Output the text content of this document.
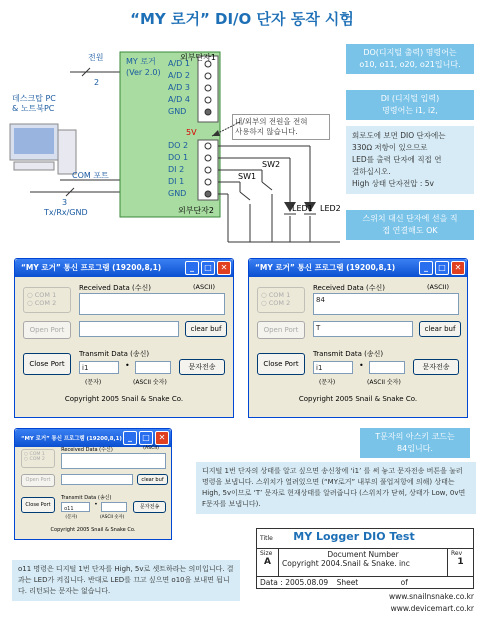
“MY 로거” DI/O 단자 동작 시험
전원
2
데스크탑 PC
& 노트북PC
COM 포트
3
Tx/Rx/GND
MY 로거
(Ver 2.0)
외부단자1
외부단자2
5V
A/D 1
A/D 2
A/D 3
A/D 4
GND
DO 2
DO 1
DI 2
DI 1
GND
SW1
SW2
LED1 LED2
내/외부의 전원을 전혀
사용하지 않습니다.
DO(디지털 출력) 명령어는
o10, o11, o20, o21입니다.
DI (디지털 입력)
명령어는 i1, i2,
회로도에 보면 DIO 단자에는
330Ω 저항이 있으므로
LED를 출력 단자에 직접 연
결하십시오.
High 상태 단자전압 : 5v
스위치 대신 단자에 선을 직
접 연결해도 OK
“MY 로거” 통신 프로그램 (19200,8,1)	_	□	✕
○ COM 1
○ COM 2
Received Data (수신)	(ASCII)
Open Port	clear buf
Close Port
Transmit Data (송신)
i1	•	문자전송
(문자)	(ASCII 숫자)
Copyright 2005 Snail & Snake Co.
“MY 로거” 통신 프로그램 (19200,8,1)	_	□	✕
○ COM 1
○ COM 2
Received Data (수신)	(ASCII)
84
Open Port	T	clear buf
Close Port
Transmit Data (송신)
i1	•	문자전송
(문자)	(ASCII 숫자)
Copyright 2005 Snail & Snake Co.
“MY 로거” 통신 프로그램 (19200,8,1) _	□	✕
○ COM 1
○ COM 2
Received Data (수신)	(ASCII)
Open Port	clear buf
Close Port
Transmit Data (송신)
o11
•	문자전송
(문자)	(ASCII 숫자)
Copyright 2005 Snail & Snake Co.
T문자의 아스키 코드는
84입니다.
디지털 1번 단자의 상태를 알고 싶으면 송신창에 ‘i1’ 를 써 놓고 문자전송 버튼을 눌러 명령을 보냅니다. 스위치가 열려있으면 (“MY로거” 내부의 풀업저항에 의해) 상태는 High, 5v이므로 ‘T’ 문자로 현재상태를 알려줍니다 (스위치가 닫혀, 상태가 Low, 0v면 F문자를 보냅니다).
o11 명령은 디지털 1번 단자를 High, 5v로 셋트하라는 의미입니다. 결과는 LED가 켜집니다. 반대로 LED를 끄고 싶으면 o10을 보내면 됩니다. 리턴되는 문자는 없습니다.
Title MY Logger DIO Test

Size
A

Document Number
Copyright 2004.Snail & Snake. inc

Rev
1

Data : 2005.08.09 Sheet	of
www.snailnsnake.co.kr
www.devicemart.co.kr
